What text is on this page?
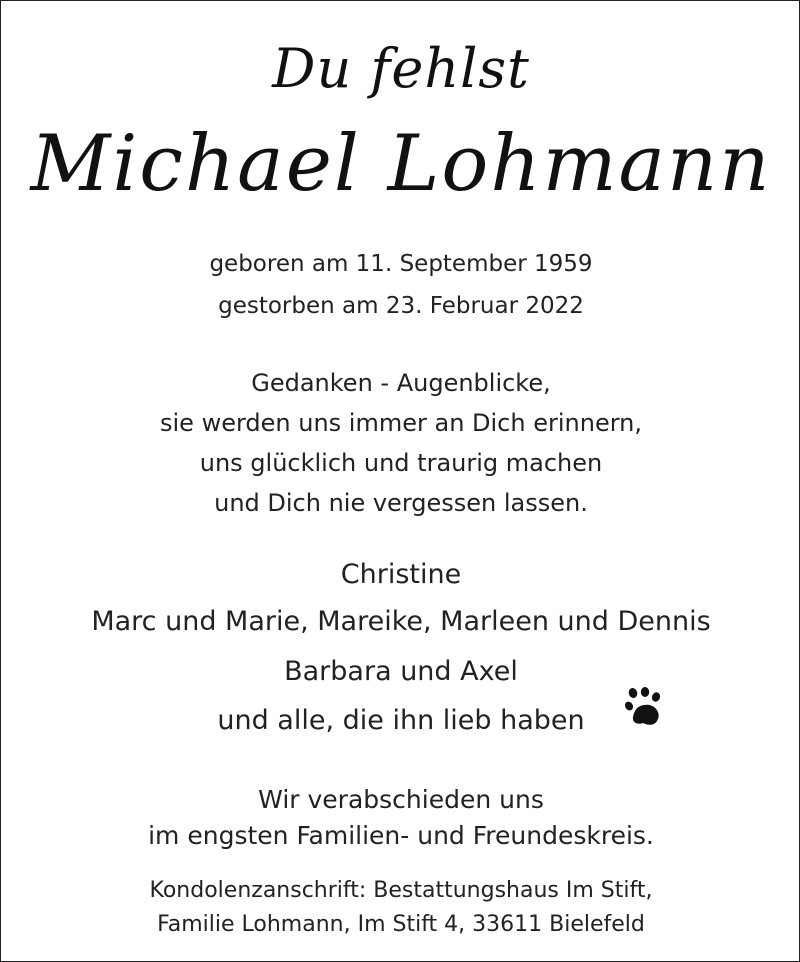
Du fehlst
Michael Lohmann
geboren am 11. September 1959
gestorben am 23. Februar 2022
Gedanken - Augenblicke,
sie werden uns immer an Dich erinnern,
uns glücklich und traurig machen
und Dich nie vergessen lassen.
Christine
Marc und Marie, Mareike, Marleen und Dennis
Barbara und Axel
und alle, die ihn lieb haben
Wir verabschieden uns
im engsten Familien- und Freundeskreis.
Kondolenzanschrift: Bestattungshaus Im Stift,
Familie Lohmann, Im Stift 4, 33611 Bielefeld
